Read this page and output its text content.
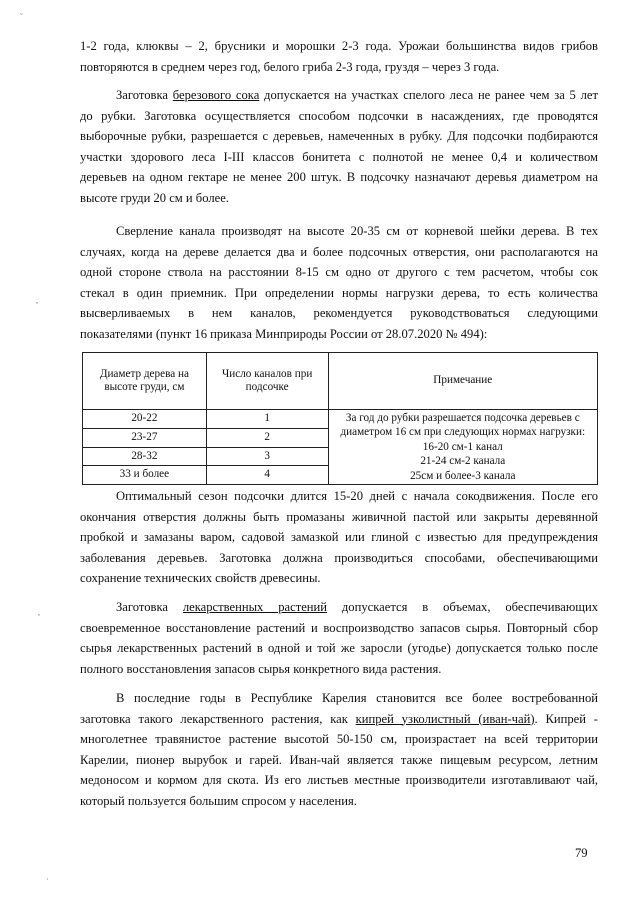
1-2 года, клюквы – 2, брусники и морошки 2-3 года. Урожаи большинства видов грибов
повторяются в среднем через год, белого гриба 2-3 года, груздя – через 3 года.

Заготовка березового сока допускается на участках спелого леса не ранее чем за 5 лет
до рубки. Заготовка осуществляется способом подсочки в насаждениях, где проводятся
выборочные рубки, разрешается с деревьев, намеченных в рубку. Для подсочки подбираются
участки здорового леса I-III классов бонитета с полнотой не менее 0,4 и количеством
деревьев на одном гектаре не менее 200 штук. В подсочку назначают деревья диаметром на
высоте груди 20 см и более.

Сверление канала производят на высоте 20-35 см от корневой шейки дерева. В тех
случаях, когда на дереве делается два и более подсочных отверстия, они располагаются на
одной стороне ствола на расстоянии 8-15 см одно от другого с тем расчетом, чтобы сок
стекал в один приемник. При определении нормы нагрузки дерева, то есть количества
высверливаемых в нем каналов, рекомендуется руководствоваться следующими
показателями (пункт 16 приказа Минприроды России от 28.07.2020 № 494):

Диаметр дерева на высоте груди, см	Число каналов при подсочке	Примечание
20-22	1	За год до рубки разрешается подсочка деревьев с
диаметром 16 см при следующих нормах нагрузки:
16-20 см-1 канал
21-24 см-2 канала
25см и более-3 канала

23-27	2	
28-32	3	
33 и более	4	

Оптимальный сезон подсочки длится 15-20 дней с начала сокодвижения. После его
окончания отверстия должны быть промазаны живичной пастой или закрыты деревянной
пробкой и замазаны варом, садовой замазкой или глиной с известью для предупреждения
заболевания деревьев. Заготовка должна производиться способами, обеспечивающими
сохранение технических свойств древесины.

Заготовка лекарственных растений допускается в объемах, обеспечивающих
своевременное восстановление растений и воспроизводство запасов сырья. Повторный сбор
сырья лекарственных растений в одной и той же заросли (угодье) допускается только после
полного восстановления запасов сырья конкретного вида растения.

В последние годы в Республике Карелия становится все более востребованной
заготовка такого лекарственного растения, как кипрей узколистный (иван-чай). Кипрей -
многолетнее травянистое растение высотой 50-150 см, произрастает на всей территории
Карелии, пионер вырубок и гарей. Иван-чай является также пищевым ресурсом, летним
медоносом и кормом для скота. Из его листьев местные производители изготавливают чай,
который пользуется большим спросом у населения.

79
ˇ
,
,
·
